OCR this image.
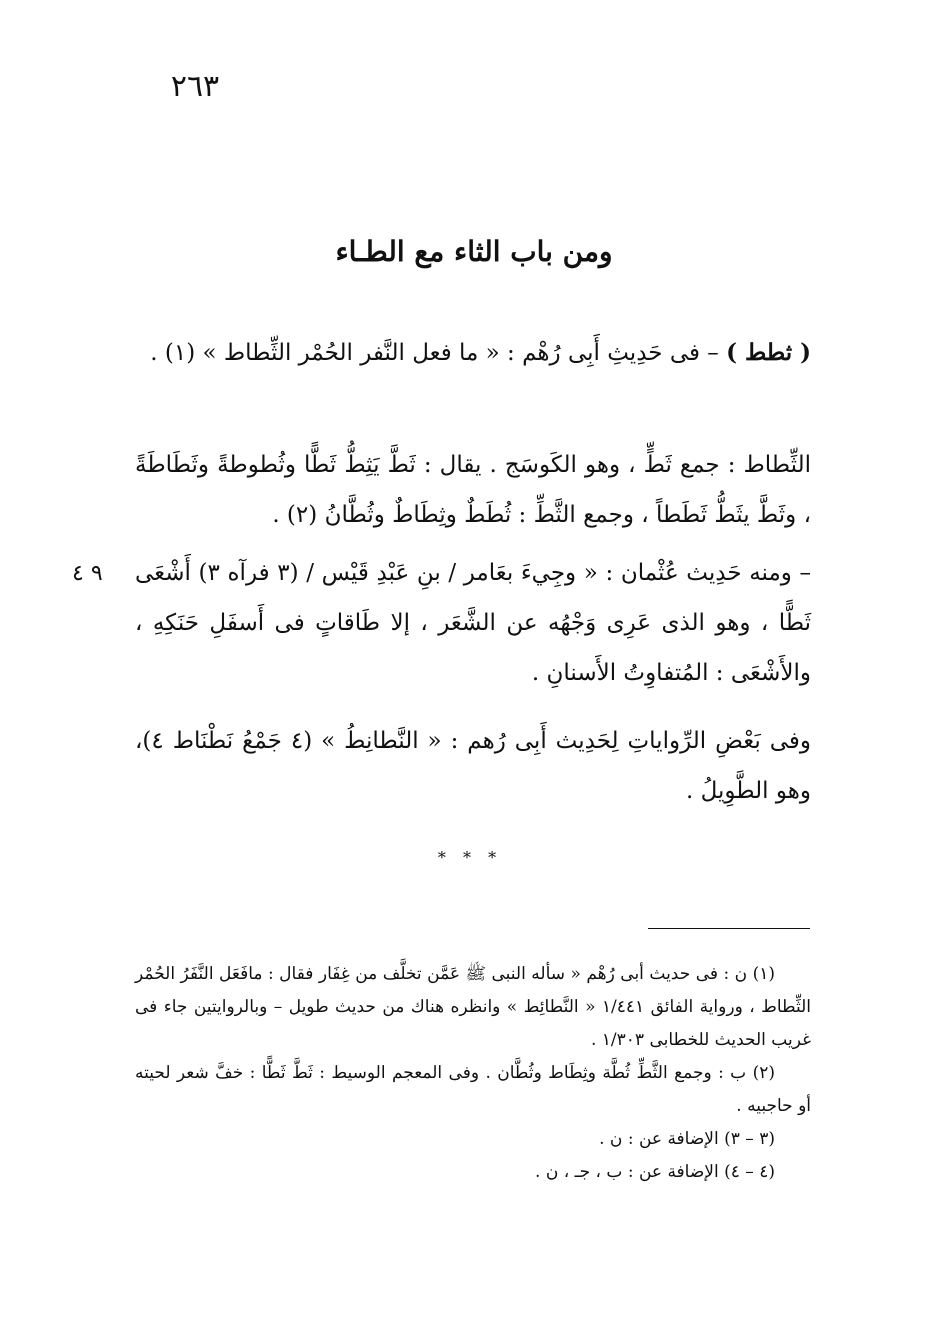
٢٦٣
ومن باب الثاء مع الطـاء
( ثطط ) – فى حَدِيثِ أَبِى رُهْم : « ما فعل النَّفر الحُمْر الثِّطاط » (١) .
الثِّطاط : جمع ثَطٍّ ، وهو الكَوسَج . يقال : ثَطَّ يَثِطُّ ثَطًّا وثُطوطةً وثَطَاطَةً ، وثَطَّ يثَطُّ ثَطَطاً ، وجمع الثَّطِّ : ثُطَطٌ وثِطَاطٌ وثُطَّانُ (٢) .
– ومنه حَدِيث عُثْمان : « وجِيءَ بعَامر / بنِ عَبْدِ قَيْس / (٣ فرآه ٣) أَشْعَى ثَطًّا ، وهو الذى عَرِى وَجْهُه عن الشَّعَر ، إلا طَاقاتٍ فى أَسفَلِ حَنَكِهِ ، والأَشْعَى : المُتفاوِتُ الأَسنانِ .
٩ ٤
وفى بَعْضِ الرِّواياتِ لِحَدِيث أَبِى رُهم : « النَّطانِطُ » (٤ جَمْعُ نَطْنَاط ٤)، وهو الطَّوِيلُ .
* * *

(١) ن : فى حديث أبى رُهْم « سأله النبى ﷺ عَمَّن تخلَّف من غِفَار فقال : مافَعَل النَّفَرُ الحُمْر الثِّطاط ، ورواية الفائق ١/٤٤١ « النَّطائِط » وانظره هناك من حديث طويل – وبالروايتين جاء فى غريب الحديث للخطابى ١/٣٠٣ .

(٢) ب : وجمع الثَّطِّ ثُطَّة وثِطَاط وثُطَّان . وفى المعجم الوسيط : ثَطَّ ثَطًّا : خفَّ شعر لحيته أو حاجبيه .

(٣ – ٣) الإضافة عن : ن .

(٤ – ٤) الإضافة عن : ب ، جـ ، ن .
